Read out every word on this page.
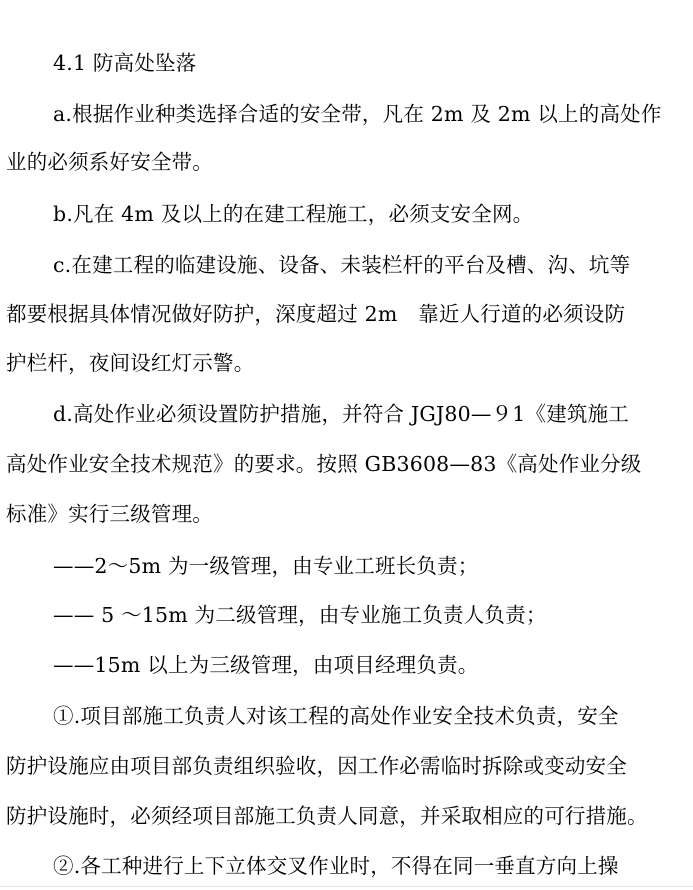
4.1 防高处坠落
a.根据作业种类选择合适的安全带，凡在 2m 及 2m 以上的高处作
业的必须系好安全带。
b.凡在 4m 及以上的在建工程施工，必须支安全网。
c.在建工程的临建设施、设备、未装栏杆的平台及槽、沟、坑等
都要根据具体情况做好防护，深度超过 2m　靠近人行道的必须设防
护栏杆，夜间设红灯示警。
d.高处作业必须设置防护措施，并符合 JGJ80—９1《建筑施工
高处作业安全技术规范》的要求。按照 GB3608—83《高处作业分级
标准》实行三级管理。
——2～5m 为一级管理，由专业工班长负责；
—— 5 ～15m 为二级管理，由专业施工负责人负责；
——15m 以上为三级管理，由项目经理负责。
①.项目部施工负责人对该工程的高处作业安全技术负责，安全
防护设施应由项目部负责组织验收，因工作必需临时拆除或变动安全
防护设施时，必须经项目部施工负责人同意，并采取相应的可行措施。
②.各工种进行上下立体交叉作业时，不得在同一垂直方向上操
